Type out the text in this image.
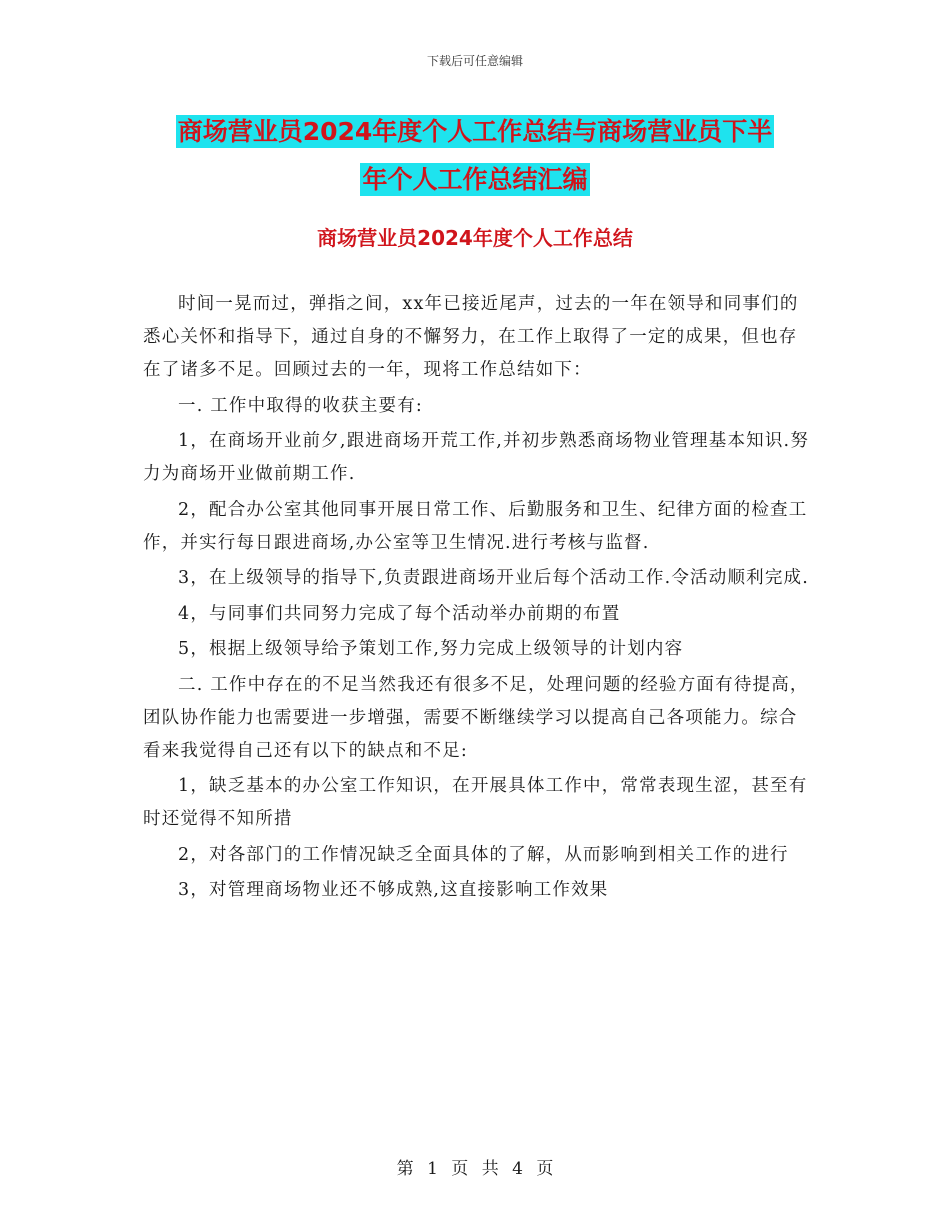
下载后可任意编辑
商场营业员2024年度个人工作总结与商场营业员下半
年个人工作总结汇编
商场营业员2024年度个人工作总结

时间一晃而过，弹指之间，xx年已接近尾声，过去的一年在领导和同事们的悉心关怀和指导下，通过自身的不懈努力，在工作上取得了一定的成果，但也存在了诸多不足。回顾过去的一年，现将工作总结如下：

一. 工作中取得的收获主要有:

1，在商场开业前夕,跟进商场开荒工作,并初步熟悉商场物业管理基本知识.努力为商场开业做前期工作.

2，配合办公室其他同事开展日常工作、后勤服务和卫生、纪律方面的检查工作，并实行每日跟进商场,办公室等卫生情况.进行考核与监督.

3，在上级领导的指导下,负责跟进商场开业后每个活动工作.令活动顺利完成.

4，与同事们共同努力完成了每个活动举办前期的布置

5，根据上级领导给予策划工作,努力完成上级领导的计划内容

二. 工作中存在的不足当然我还有很多不足，处理问题的经验方面有待提高，团队协作能力也需要进一步增强，需要不断继续学习以提高自己各项能力。综合看来我觉得自己还有以下的缺点和不足:

1，缺乏基本的办公室工作知识，在开展具体工作中，常常表现生涩，甚至有时还觉得不知所措

2，对各部门的工作情况缺乏全面具体的了解，从而影响到相关工作的进行

3，对管理商场物业还不够成熟,这直接影响工作效果

第 1 页 共 4 页
